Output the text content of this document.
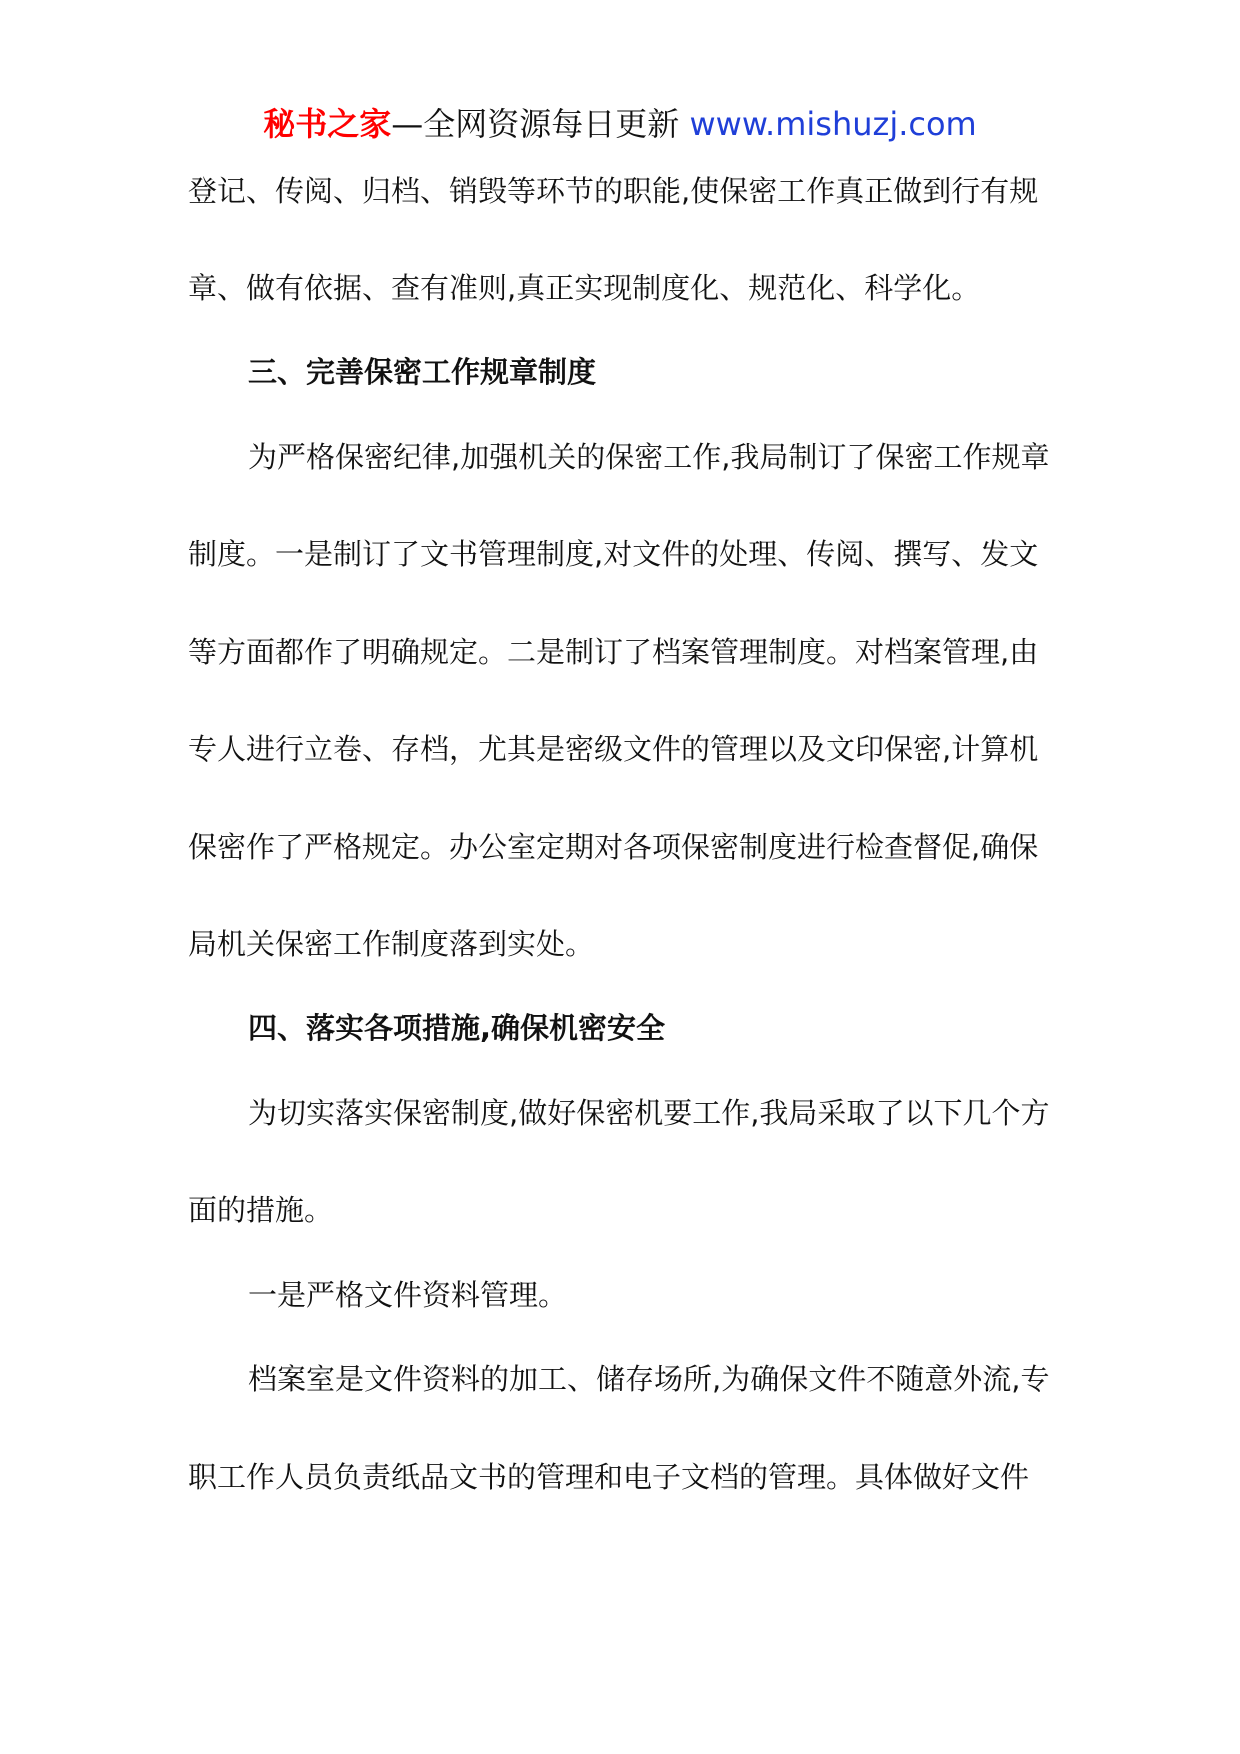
秘书之家—全网资源每日更新 www.mishuzj.com
登记、传阅、归档、销毁等环节的职能,使保密工作真正做到行有规
章、做有依据、查有准则,真正实现制度化、规范化、科学化。
三、完善保密工作规章制度
为严格保密纪律,加强机关的保密工作,我局制订了保密工作规章
制度。一是制订了文书管理制度,对文件的处理、传阅、撰写、发文
等方面都作了明确规定。二是制订了档案管理制度。对档案管理,由
专人进行立卷、存档，尤其是密级文件的管理以及文印保密,计算机
保密作了严格规定。办公室定期对各项保密制度进行检查督促,确保
局机关保密工作制度落到实处。
四、落实各项措施,确保机密安全
为切实落实保密制度,做好保密机要工作,我局采取了以下几个方
面的措施。
一是严格文件资料管理。
档案室是文件资料的加工、储存场所,为确保文件不随意外流,专
职工作人员负责纸品文书的管理和电子文档的管理。具体做好文件
